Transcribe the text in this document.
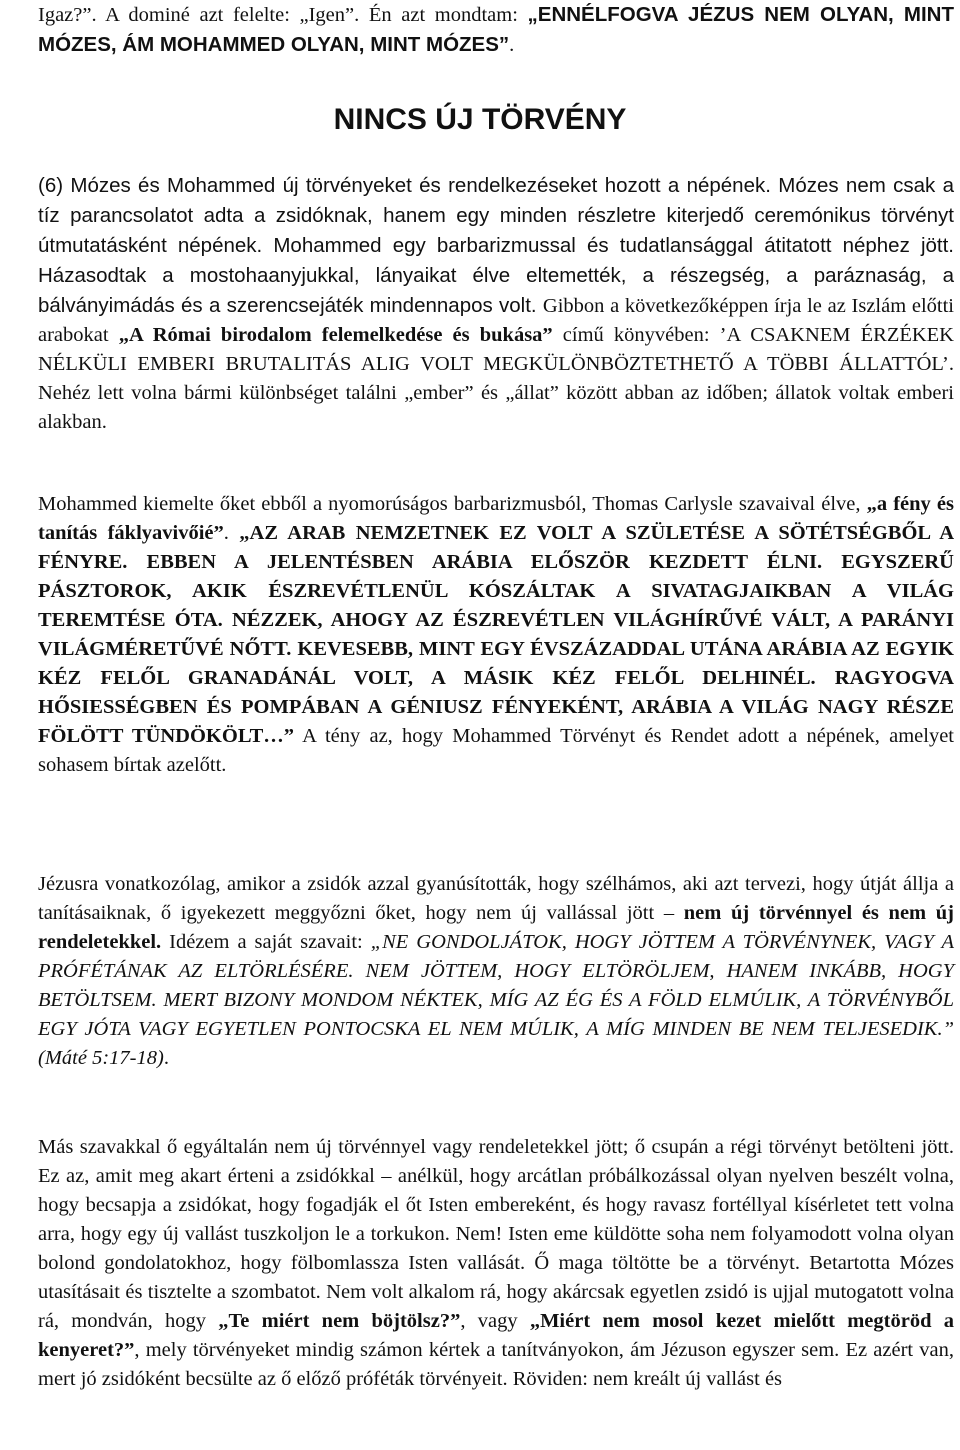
Igaz?”. A dominé azt felelte: „Igen”. Én azt mondtam: „ENNÉLFOGVA JÉZUS NEM OLYAN, MINT MÓZES, ÁM MOHAMMED OLYAN, MINT MÓZES”.
NINCS ÚJ TÖRVÉNY
(6) Mózes és Mohammed új törvényeket és rendelkezéseket hozott a népének. Mózes nem csak a tíz parancsolatot adta a zsidóknak, hanem egy minden részletre kiterjedő ceremónikus törvényt útmutatásként népének. Mohammed egy barbarizmussal és tudatlansággal átitatott néphez jött. Házasodtak a mostohaanyjukkal, lányaikat élve eltemették, a részegség, a paráznaság, a bálványimádás és a szerencsejáték mindennapos volt. Gibbon a következőképpen írja le az Iszlám előtti arabokat „A Római birodalom felemelkedése és bukása” című könyvében: ’A CSAKNEM ÉRZÉKEK NÉLKÜLI EMBERI BRUTALITÁS ALIG VOLT MEGKÜLÖNBÖZTETHETŐ A TÖBBI ÁLLATTÓL’. Nehéz lett volna bármi különbséget találni „ember” és „állat” között abban az időben; állatok voltak emberi alakban.
Mohammed kiemelte őket ebből a nyomorúságos barbarizmusból, Thomas Carlysle szavaival élve, „a fény és tanítás fáklyavivőié”. „AZ ARAB NEMZETNEK EZ VOLT A SZÜLETÉSE A SÖTÉTSÉGBŐL A FÉNYRE. EBBEN A JELENTÉSBEN ARÁBIA ELŐSZÖR KEZDETT ÉLNI. EGYSZERŰ PÁSZTOROK, AKIK ÉSZREVÉTLENÜL KÓSZÁLTAK A SIVATAGJAIKBAN A VILÁG TEREMTÉSE ÓTA. NÉZZEK, AHOGY AZ ÉSZREVÉTLEN VILÁGHÍRŰVÉ VÁLT, A PARÁNYI VILÁGMÉRETŰVÉ NŐTT. KEVESEBB, MINT EGY ÉVSZÁZADDAL UTÁNA ARÁBIA AZ EGYIK KÉZ FELŐL GRANADÁNÁL VOLT, A MÁSIK KÉZ FELŐL DELHINÉL. RAGYOGVA HŐSIESSÉGBEN ÉS POMPÁBAN A GÉNIUSZ FÉNYEKÉNT, ARÁBIA A VILÁG NAGY RÉSZE FÖLÖTT TÜNDÖKÖLT…” A tény az, hogy Mohammed Törvényt és Rendet adott a népének, amelyet sohasem bírtak azelőtt.
Jézusra vonatkozólag, amikor a zsidók azzal gyanúsították, hogy szélhámos, aki azt tervezi, hogy útját állja a tanításaiknak, ő igyekezett meggyőzni őket, hogy nem új vallással jött – nem új törvénnyel és nem új rendeletekkel. Idézem a saját szavait: „NE GONDOLJÁTOK, HOGY JÖTTEM A TÖRVÉNYNEK, VAGY A PRÓFÉTÁNAK AZ ELTÖRLÉSÉRE. NEM JÖTTEM, HOGY ELTÖRÖLJEM, HANEM INKÁBB, HOGY BETÖLTSEM. MERT BIZONY MONDOM NÉKTEK, MÍG AZ ÉG ÉS A FÖLD ELMÚLIK, A TÖRVÉNYBŐL EGY JÓTA VAGY EGYETLEN PONTOCSKA EL NEM MÚLIK, A MÍG MINDEN BE NEM TELJESEDIK.” (Máté 5:17-18).
Más szavakkal ő egyáltalán nem új törvénnyel vagy rendeletekkel jött; ő csupán a régi törvényt betölteni jött. Ez az, amit meg akart érteni a zsidókkal – anélkül, hogy arcátlan próbálkozással olyan nyelven beszélt volna, hogy becsapja a zsidókat, hogy fogadják el őt Isten embereként, és hogy ravasz fortéllyal kísérletet tett volna arra, hogy egy új vallást tuszkoljon le a torkukon. Nem! Isten eme küldötte soha nem folyamodott volna olyan bolond gondolatokhoz, hogy fölbomlassza Isten vallását. Ő maga töltötte be a törvényt. Betartotta Mózes utasításait és tisztelte a szombatot. Nem volt alkalom rá, hogy akárcsak egyetlen zsidó is ujjal mutogatott volna rá, mondván, hogy „Te miért nem böjtölsz?”, vagy „Miért nem mosol kezet mielőtt megtöröd a kenyeret?”, mely törvényeket mindig számon kértek a tanítványokon, ám Jézuson egyszer sem. Ez azért van, mert jó zsidóként becsülte az ő előző próféták törvényeit. Röviden: nem kreált új vallást és
